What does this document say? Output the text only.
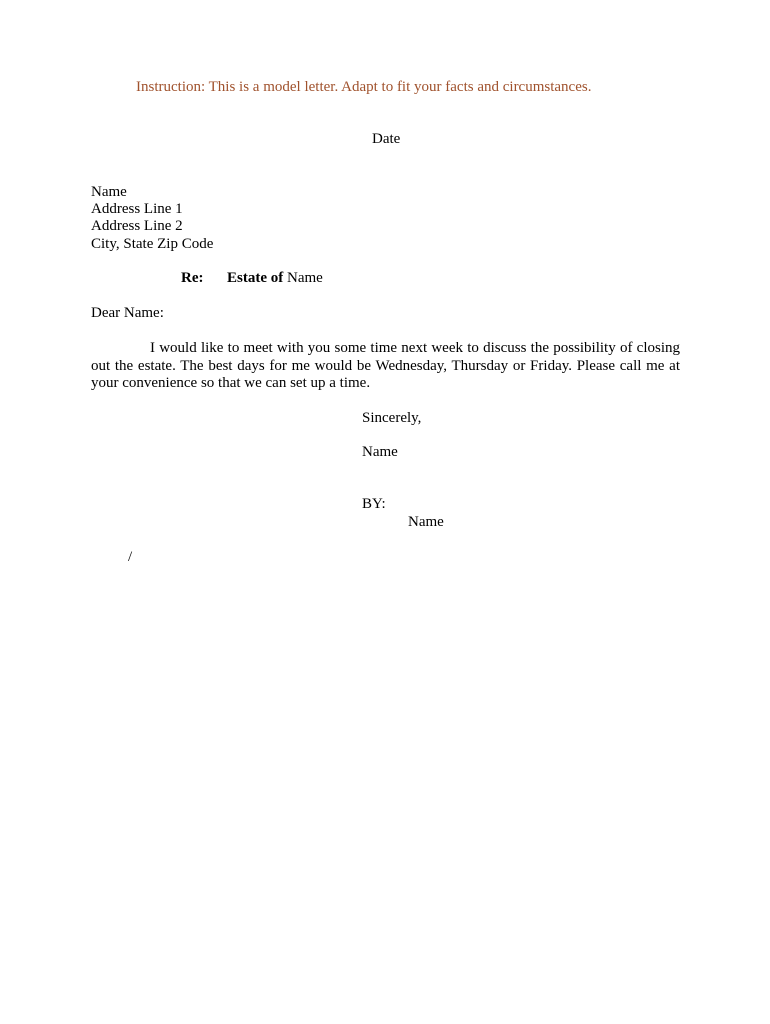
Instruction: This is a model letter. Adapt to fit your facts and circumstances.
Date
Name
Address Line 1
Address Line 2
City, State Zip Code
Re: Estate of Name
Dear Name:
I would like to meet with you some time next week to discuss the possibility of closing out the estate. The best days for me would be Wednesday, Thursday or Friday. Please call me at your convenience so that we can set up a time.
Sincerely,
Name
BY:
Name
/
